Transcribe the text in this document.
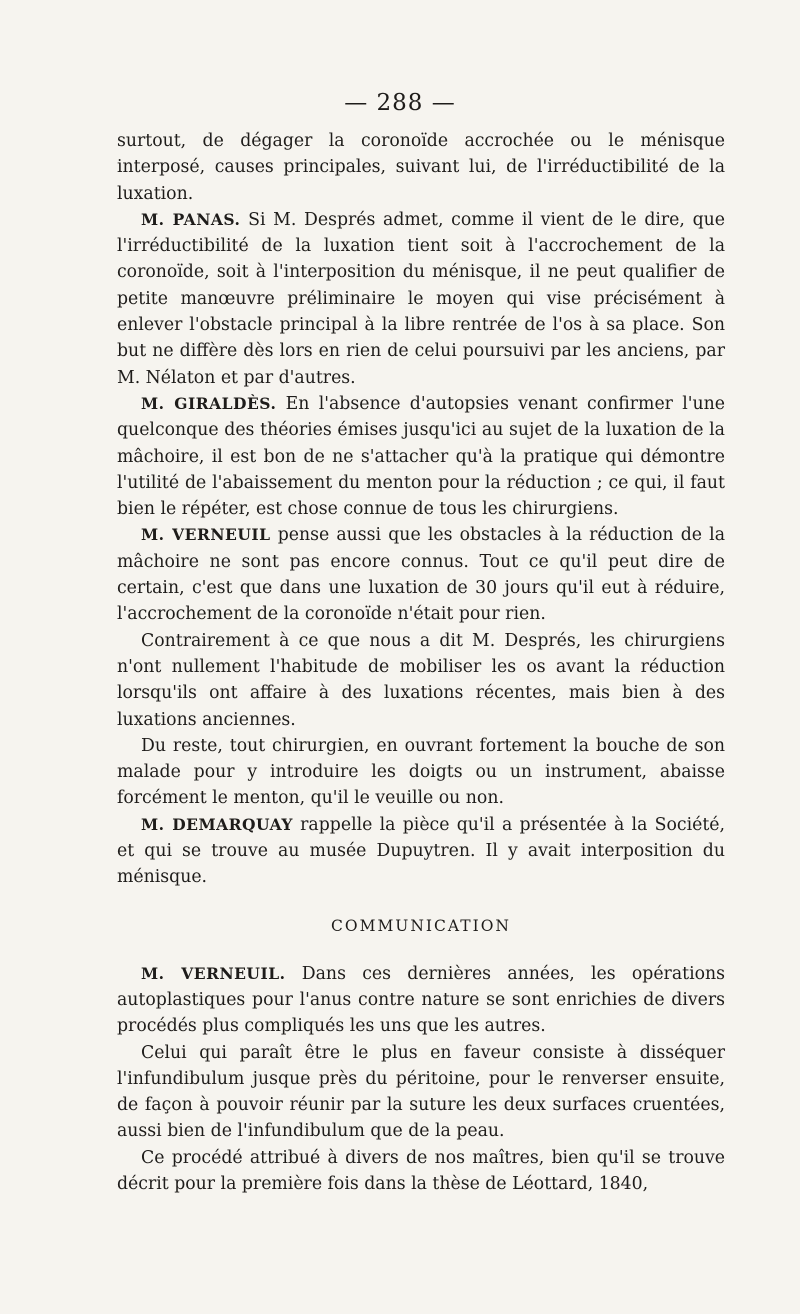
— 288 —

surtout, de dégager la coronoïde accrochée ou le ménisque interposé, causes principales, suivant lui, de l'irréductibilité de la luxation.

M. PANAS. Si M. Després admet, comme il vient de le dire, que l'irréductibilité de la luxation tient soit à l'accrochement de la coronoïde, soit à l'interposition du ménisque, il ne peut qualifier de petite manœuvre préliminaire le moyen qui vise précisément à enlever l'obstacle principal à la libre rentrée de l'os à sa place. Son but ne diffère dès lors en rien de celui poursuivi par les anciens, par M. Nélaton et par d'autres.

M. GIRALDÈS. En l'absence d'autopsies venant confirmer l'une quelconque des théories émises jusqu'ici au sujet de la luxation de la mâchoire, il est bon de ne s'attacher qu'à la pratique qui démontre l'utilité de l'abaissement du menton pour la réduction ; ce qui, il faut bien le répéter, est chose connue de tous les chirurgiens.

M. VERNEUIL pense aussi que les obstacles à la réduction de la mâchoire ne sont pas encore connus. Tout ce qu'il peut dire de certain, c'est que dans une luxation de 30 jours qu'il eut à réduire, l'accrochement de la coronoïde n'était pour rien.

Contrairement à ce que nous a dit M. Després, les chirurgiens n'ont nullement l'habitude de mobiliser les os avant la réduction lorsqu'ils ont affaire à des luxations récentes, mais bien à des luxations anciennes.

Du reste, tout chirurgien, en ouvrant fortement la bouche de son malade pour y introduire les doigts ou un instrument, abaisse forcément le menton, qu'il le veuille ou non.

M. DEMARQUAY rappelle la pièce qu'il a présentée à la Société, et qui se trouve au musée Dupuytren. Il y avait interposition du ménisque.

COMMUNICATION

M. VERNEUIL. Dans ces dernières années, les opérations autoplastiques pour l'anus contre nature se sont enrichies de divers procédés plus compliqués les uns que les autres.

Celui qui paraît être le plus en faveur consiste à disséquer l'infundibulum jusque près du péritoine, pour le renverser ensuite, de façon à pouvoir réunir par la suture les deux surfaces cruentées, aussi bien de l'infundibulum que de la peau.

Ce procédé attribué à divers de nos maîtres, bien qu'il se trouve décrit pour la première fois dans la thèse de Léottard, 1840,
